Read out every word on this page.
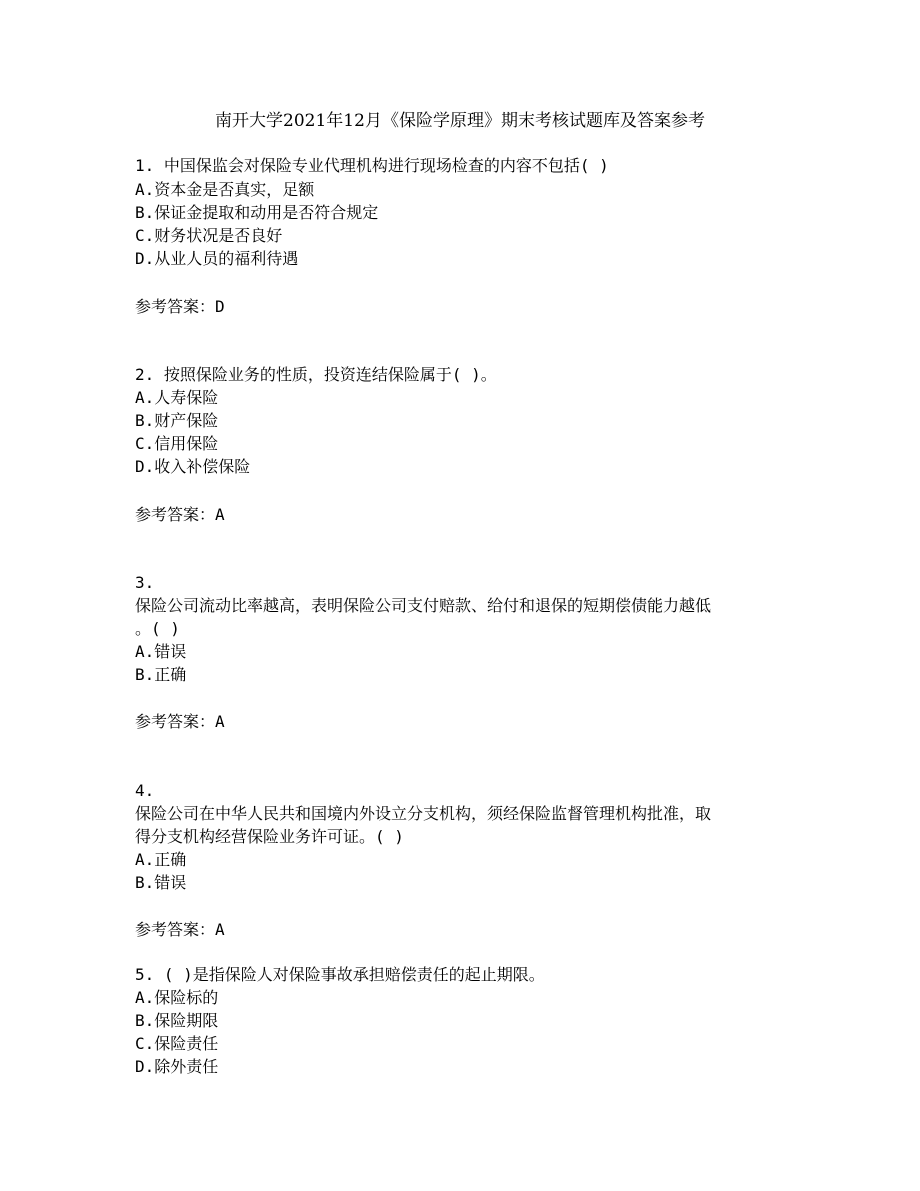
南开大学2021年12月《保险学原理》期末考核试题库及答案参考
1. 中国保监会对保险专业代理机构进行现场检查的内容不包括( )
A.资本金是否真实，足额
B.保证金提取和动用是否符合规定
C.财务状况是否良好
D.从业人员的福利待遇
参考答案：D
2. 按照保险业务的性质，投资连结保险属于( )。
A.人寿保险
B.财产保险
C.信用保险
D.收入补偿保险
参考答案：A
3.
保险公司流动比率越高，表明保险公司支付赔款、给付和退保的短期偿债能力越低
。( )
A.错误
B.正确
参考答案：A
4.
保险公司在中华人民共和国境内外设立分支机构，须经保险监督管理机构批准，取
得分支机构经营保险业务许可证。( )
A.正确
B.错误
参考答案：A
5. ( )是指保险人对保险事故承担赔偿责任的起止期限。
A.保险标的
B.保险期限
C.保险责任
D.除外责任
